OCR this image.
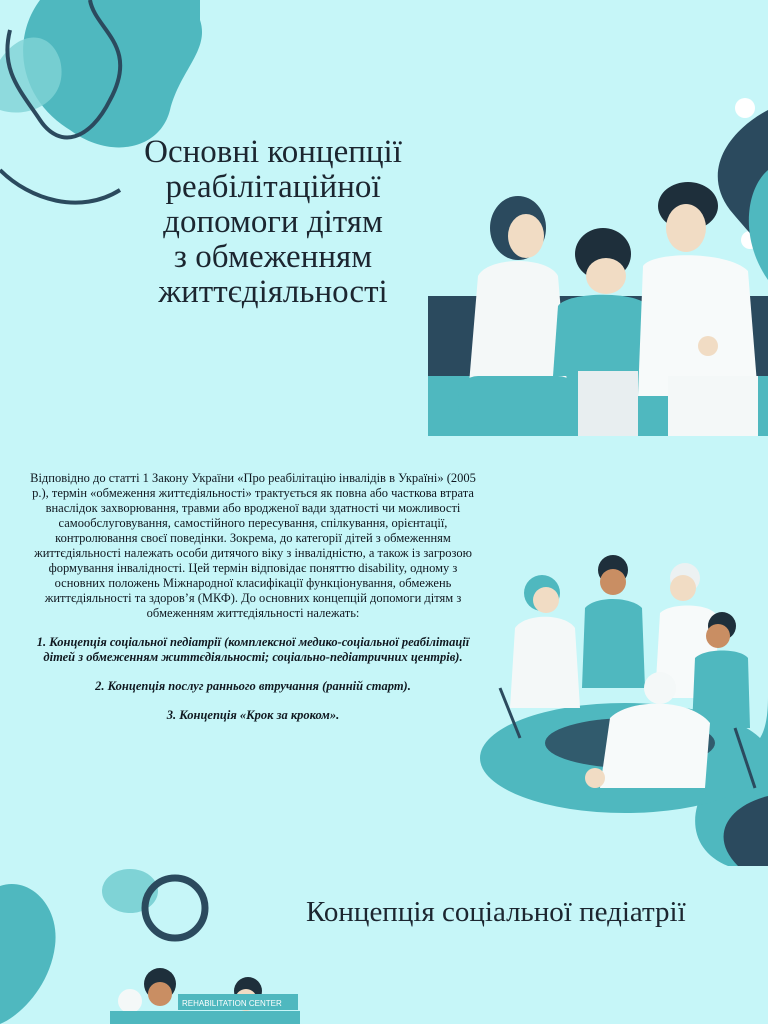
Основні концепції
реабілітаційної
допомоги дітям
з обмеженням
життєдіяльності

Відповідно до статті 1 Закону України «Про реабілітацію інвалідів в Україні» (2005 р.), термін «обмеження життєдіяльності» трактується як повна або часткова втрата внаслідок захворювання, травми або вродженої вади здатності чи можливості самообслуговування, самостійного пересування, спілкування, орієнтації, контролювання своєї поведінки. Зокрема, до категорії дітей з обмеженням життєдіяльності належать особи дитячого віку з інвалідністю, а також із загрозою формування інвалідності. Цей термін відповідає поняттю disability, одному з основних положень Міжнародної класифікації функціонування, обмежень життєдіяльності та здоров’я (МКФ). До основних концепцій допомоги дітям з обмеженням життєдіяльності належать:

1. Концепція соціальної педіатрії (комплексної медико-соціальної реабілітації дітей з обмеженням життєдіяльності; соціально-педіатричних центрів).

2. Концепція послуг раннього втручання (ранній старт).

3. Концепція «Крок за кроком».

REHABILITATION CENTER
Концепція соціальної педіатрії
